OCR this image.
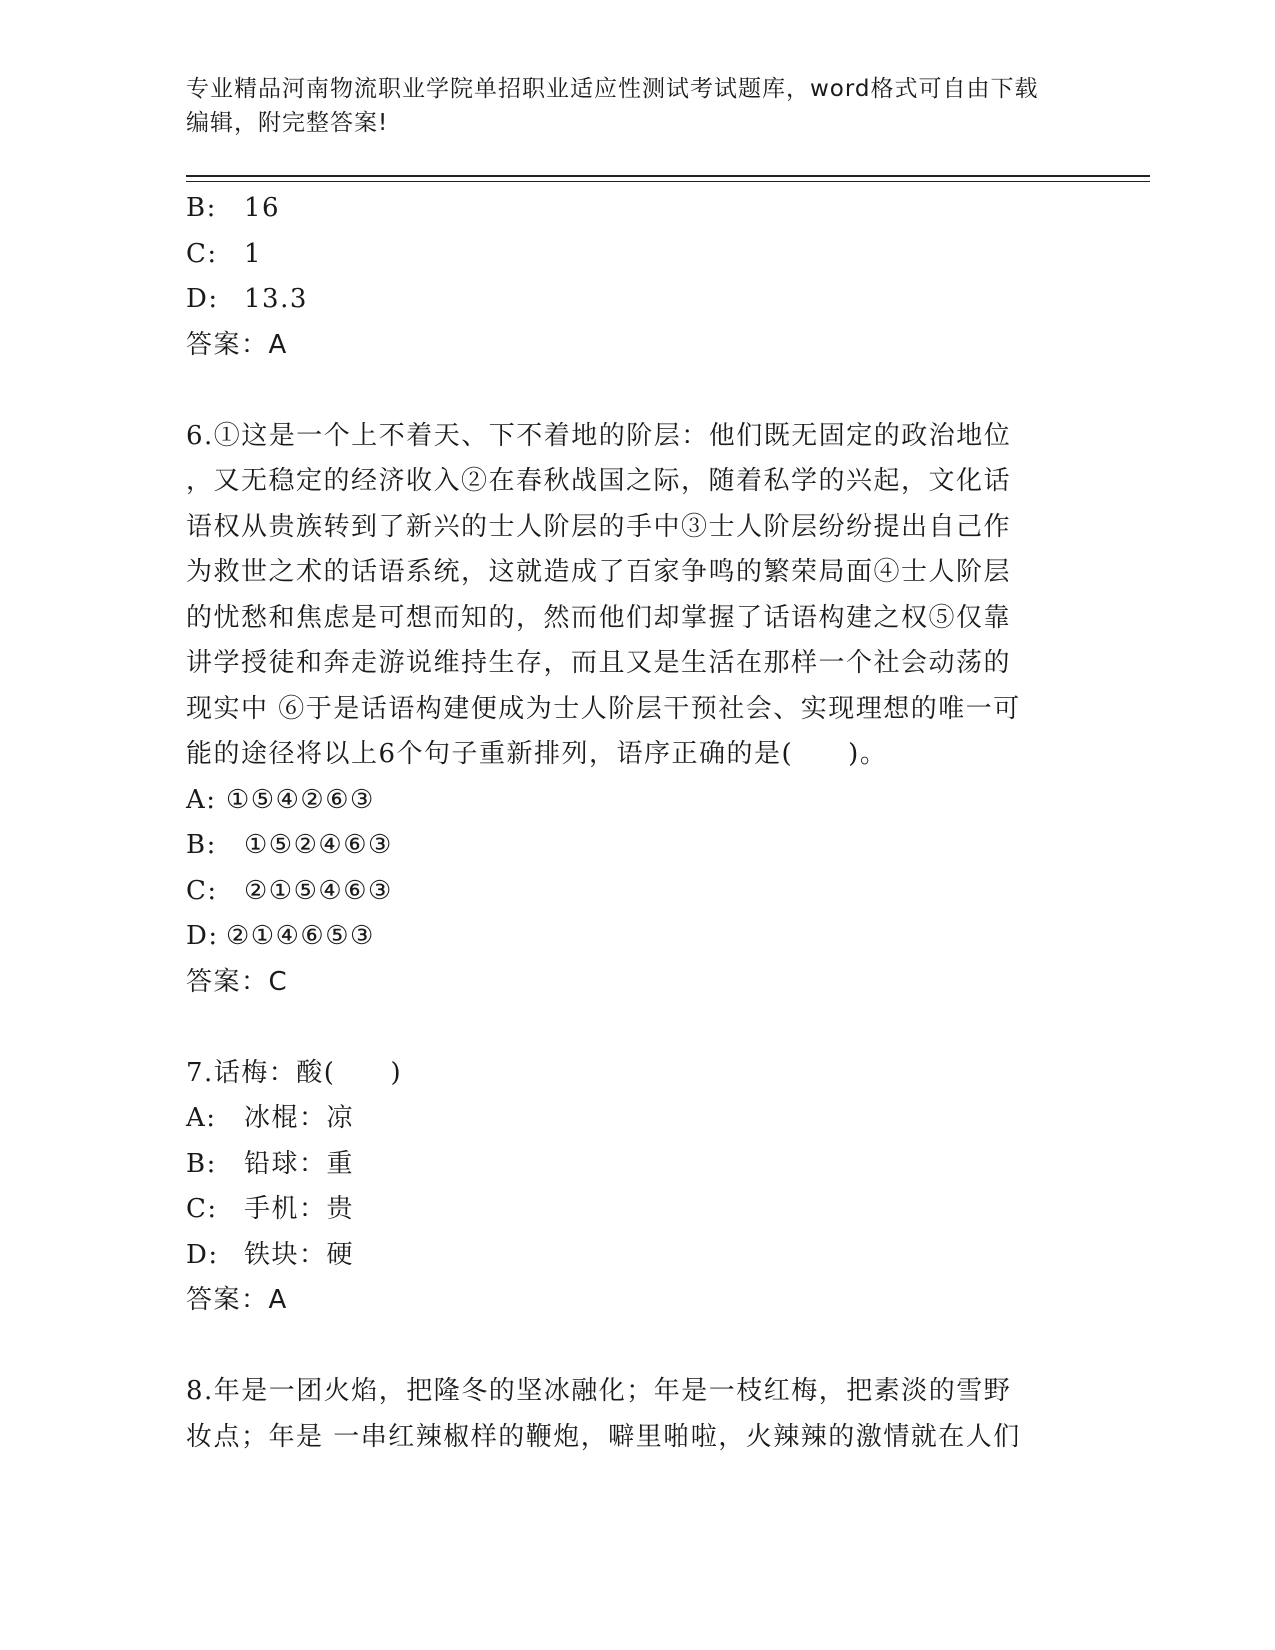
专业精品河南物流职业学院单招职业适应性测试考试题库，word格式可自由下载
编辑，附完整答案!
B: 16
C: 1
D: 13.3
答案：A
6.①这是一个上不着天、下不着地的阶层：他们既无固定的政治地位
，又无稳定的经济收入②在春秋战国之际，随着私学的兴起，文化话
语权从贵族转到了新兴的士人阶层的手中③士人阶层纷纷提出自己作
为救世之术的话语系统，这就造成了百家争鸣的繁荣局面④士人阶层
的忧愁和焦虑是可想而知的，然而他们却掌握了话语构建之权⑤仅靠
讲学授徒和奔走游说维持生存，而且又是生活在那样一个社会动荡的
现实中 ⑥于是话语构建便成为士人阶层干预社会、实现理想的唯一可
能的途径将以上6个句子重新排列，语序正确的是(　　)。
A: ①⑤④②⑥③
B: ①⑤②④⑥③
C: ②①⑤④⑥③
D: ②①④⑥⑤③
答案：C
7.话梅：酸(　　)
A: 冰棍：凉
B: 铅球：重
C: 手机：贵
D: 铁块：硬
答案：A
8.年是一团火焰，把隆冬的坚冰融化；年是一枝红梅，把素淡的雪野
妆点；年是 一串红辣椒样的鞭炮，噼里啪啦，火辣辣的激情就在人们
